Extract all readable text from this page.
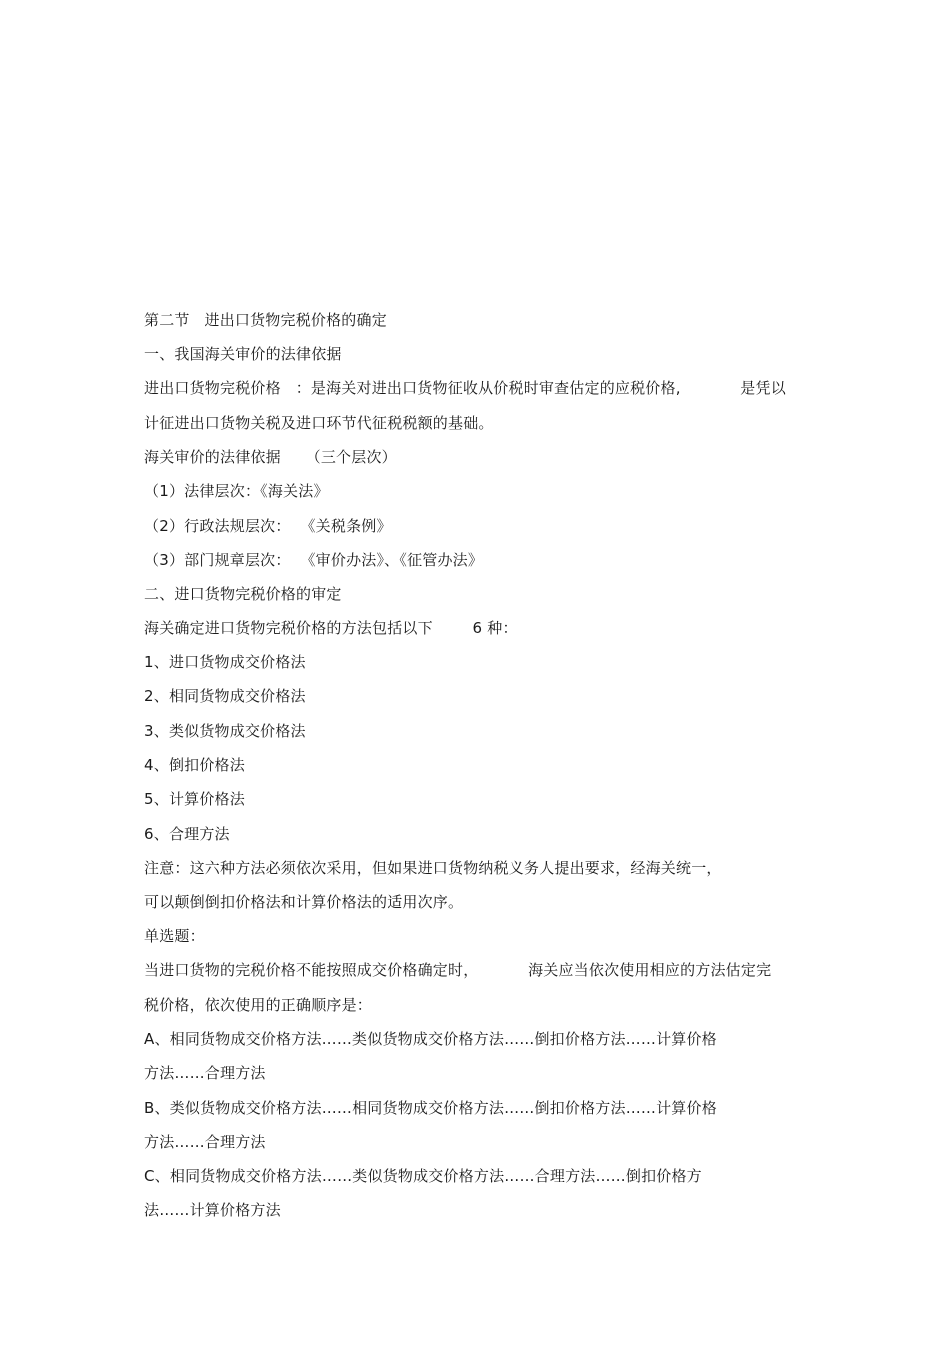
第二节   进出口货物完税价格的确定
一、我国海关审价的法律依据
进出口货物完税价格   ：是海关对进出口货物征收从价税时审查估定的应税价格,            是凭以
计征进出口货物关税及进口环节代征税税额的基础。
海关审价的法律依据     （三个层次）
（1）法律层次：《海关法》
（2）行政法规层次：  《关税条例》
（3）部门规章层次：  《审价办法》、《征管办法》
二、进口货物完税价格的审定
海关确定进口货物完税价格的方法包括以下        6 种：
1、进口货物成交价格法
2、相同货物成交价格法
3、类似货物成交价格法
4、倒扣价格法
5、计算价格法
6、合理方法
注意：这六种方法必须依次采用，但如果进口货物纳税义务人提出要求，经海关统一，
可以颠倒倒扣价格法和计算价格法的适用次序。
单选题：
当进口货物的完税价格不能按照成交价格确定时，          海关应当依次使用相应的方法估定完
税价格，依次使用的正确顺序是：
A、相同货物成交价格方法……类似货物成交价格方法……倒扣价格方法……计算价格
方法……合理方法
B、类似货物成交价格方法……相同货物成交价格方法……倒扣价格方法……计算价格
方法……合理方法
C、相同货物成交价格方法……类似货物成交价格方法……合理方法……倒扣价格方
法……计算价格方法
